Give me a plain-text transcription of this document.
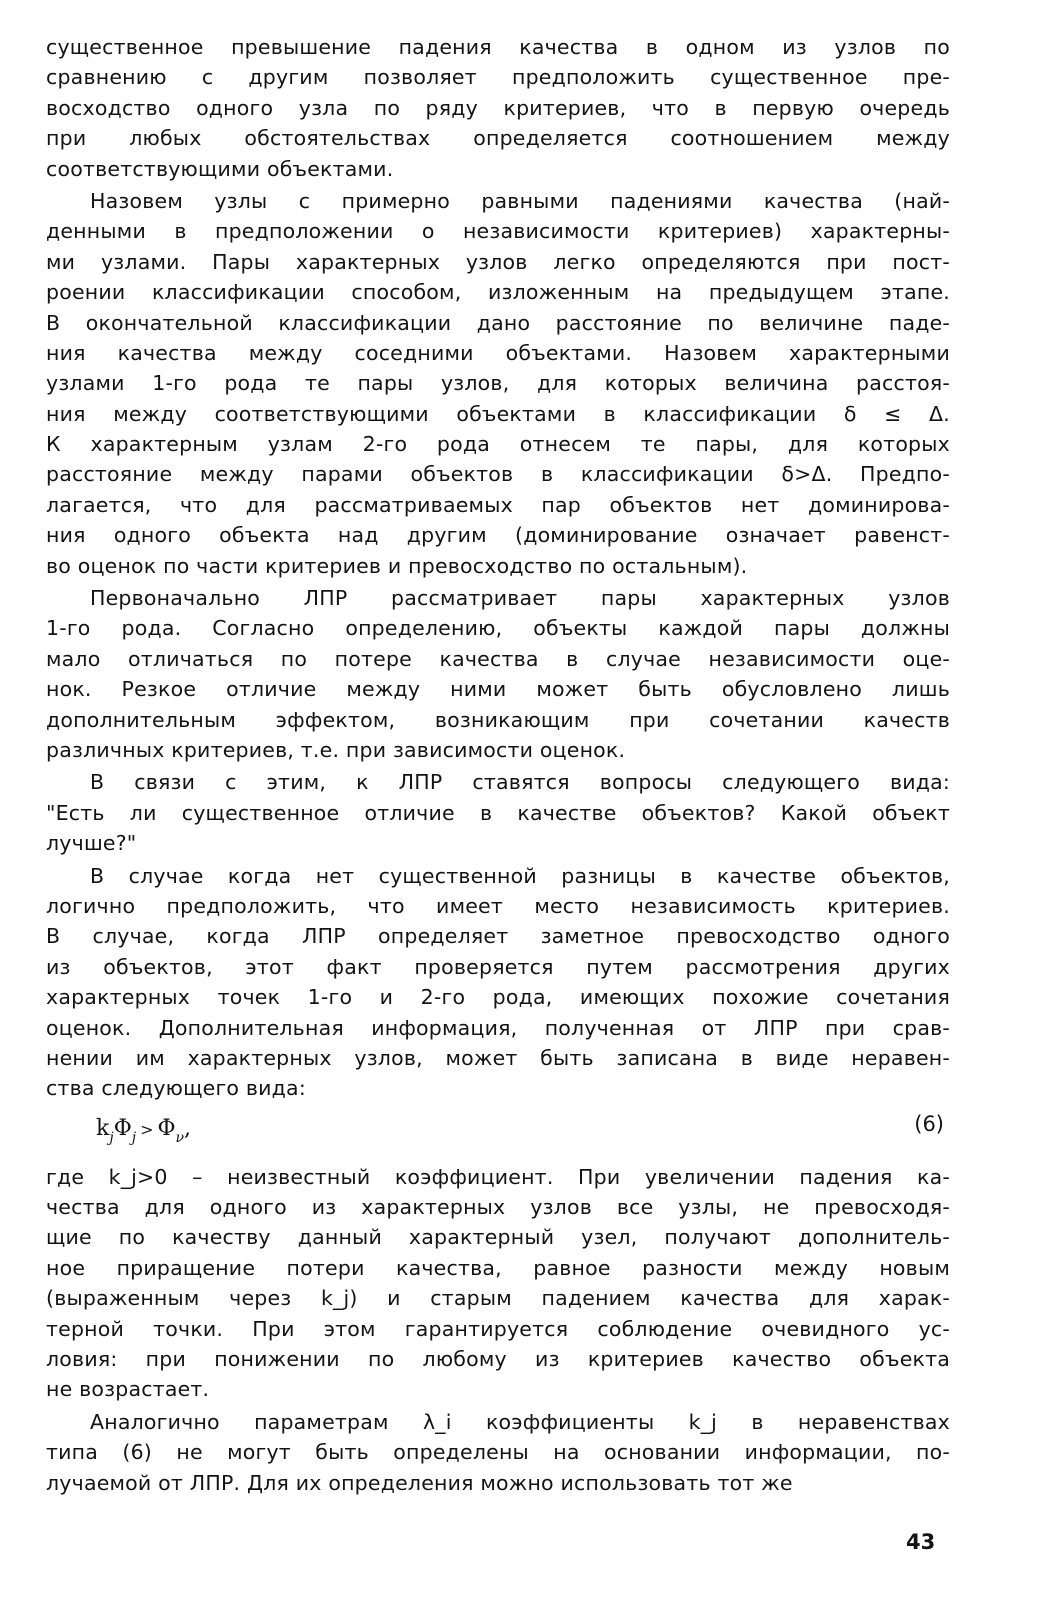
существенное превышение падения качества в одном из узлов по
сравнению с другим позволяет предположить существенное пре-
восходство одного узла по ряду критериев, что в первую очередь
при любых обстоятельствах определяется соотношением между
соответствующими объектами.
Назовем узлы с примерно равными падениями качества (най-
денными в предположении о независимости критериев) характерны-
ми узлами. Пары характерных узлов легко определяются при пост-
роении классификации способом, изложенным на предыдущем этапе.
В окончательной классификации дано расстояние по величине паде-
ния качества между соседними объектами. Назовем характерными
узлами 1-го рода те пары узлов, для которых величина расстоя-
ния между соответствующими объектами в классификации δ ≤ Δ.
К характерным узлам 2-го рода отнесем те пары, для которых
расстояние между парами объектов в классификации δ>Δ. Предпо-
лагается, что для рассматриваемых пар объектов нет доминирова-
ния одного объекта над другим (доминирование означает равенст-
во оценок по части критериев и превосходство по остальным).
Первоначально ЛПР рассматривает пары характерных узлов
1-го рода. Согласно определению, объекты каждой пары должны
мало отличаться по потере качества в случае независимости оце-
нок. Резкое отличие между ними может быть обусловлено лишь
дополнительным эффектом, возникающим при сочетании качеств
различных критериев, т.е. при зависимости оценок.
В связи с этим, к ЛПР ставятся вопросы следующего вида:
"Есть ли существенное отличие в качестве объектов? Какой объект
лучше?"
В случае когда нет существенной разницы в качестве объектов,
логично предположить, что имеет место независимость критериев.
В случае, когда ЛПР определяет заметное превосходство одного
из объектов, этот факт проверяется путем рассмотрения других
характерных точек 1-го и 2-го рода, имеющих похожие сочетания
оценок. Дополнительная информация, полученная от ЛПР при срав-
нении им характерных узлов, может быть записана в виде неравен-
ства следующего вида:
$k_j\Phi_j > \Phi_\nu$,	(6)
где k_j>0 – неизвестный коэффициент. При увеличении падения ка-
чества для одного из характерных узлов все узлы, не превосходя-
щие по качеству данный характерный узел, получают дополнитель-
ное приращение потери качества, равное разности между новым
(выраженным через k_j) и старым падением качества для харак-
терной точки. При этом гарантируется соблюдение очевидного ус-
ловия: при понижении по любому из критериев качество объекта
не возрастает.
Аналогично параметрам λ_i коэффициенты k_j в неравенствах
типа (6) не могут быть определены на основании информации, по-
лучаемой от ЛПР. Для их определения можно использовать тот же
43
